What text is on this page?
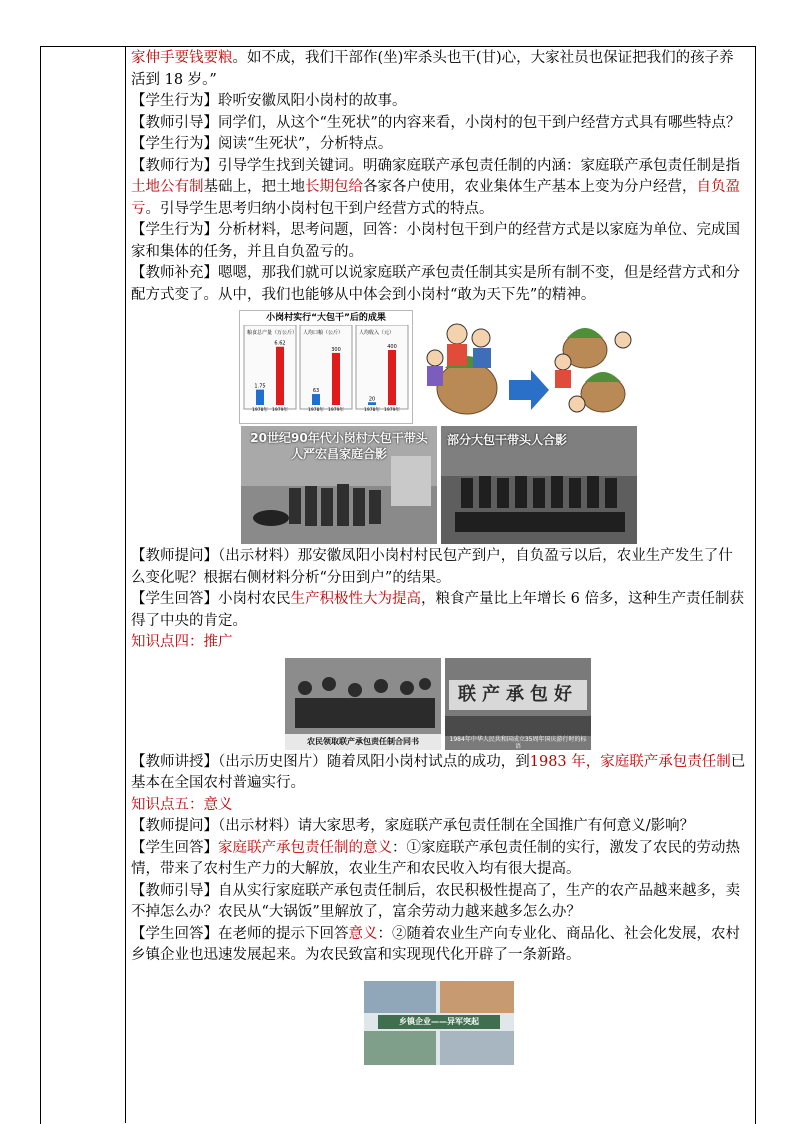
家伸手要钱要粮。如不成，我们干部作(坐)牢杀头也干(甘)心，大家社员也保证把我们的孩子养活到 18 岁。”

【学生行为】聆听安徽凤阳小岗村的故事。

【教师引导】同学们，从这个“生死状”的内容来看，小岗村的包干到户经营方式具有哪些特点？

【学生行为】阅读“生死状”，分析特点。

【教师行为】引导学生找到关键词。明确家庭联产承包责任制的内涵：家庭联产承包责任制是指土地公有制基础上，把土地长期包给各家各户使用，农业集体生产基本上变为分户经营，自负盈亏。引导学生思考归纳小岗村包干到户经营方式的特点。

【学生行为】分析材料，思考问题，回答：小岗村包干到户的经营方式是以家庭为单位、完成国家和集体的任务，并且自负盈亏的。

【教师补充】嗯嗯，那我们就可以说家庭联产承包责任制其实是所有制不变，但是经营方式和分配方式变了。从中，我们也能够从中体会到小岗村“敢为天下先”的精神。

小岗村实行“大包干”后的成果
粮食总产量（万公斤）
1.75
1978年
6.62
1979年
人均口粮（公斤）
63
1978年
300
1979年
人均收入（元）
20
1978年
400
1979年
20世纪90年代小岗村大包干带头人严宏昌家庭合影
部分大包干带头人合影

【教师提问】（出示材料）那安徽凤阳小岗村村民包产到户，自负盈亏以后，农业生产发生了什么变化呢？根据右侧材料分析“分田到户”的结果。

【学生回答】小岗村农民生产积极性大为提高，粮食产量比上年增长 6 倍多，这种生产责任制获得了中央的肯定。

知识点四：推广

农民领取联产承包责任制合同书
联产承包好
1984年中华人民共和国成立35周年国庆游行时的标语

【教师讲授】（出示历史图片）随着凤阳小岗村试点的成功，到1983 年，家庭联产承包责任制已基本在全国农村普遍实行。

知识点五：意义

【教师提问】（出示材料）请大家思考，家庭联产承包责任制在全国推广有何意义/影响？

【学生回答】家庭联产承包责任制的意义：①家庭联产承包责任制的实行，激发了农民的劳动热情，带来了农村生产力的大解放，农业生产和农民收入均有很大提高。

【教师引导】自从实行家庭联产承包责任制后，农民积极性提高了，生产的农产品越来越多，卖不掉怎么办？农民从“大锅饭”里解放了，富余劳动力越来越多怎么办？

【学生回答】在老师的提示下回答意义：②随着农业生产向专业化、商品化、社会化发展，农村乡镇企业也迅速发展起来。为农民致富和实现现代化开辟了一条新路。

乡镇企业——异军突起
